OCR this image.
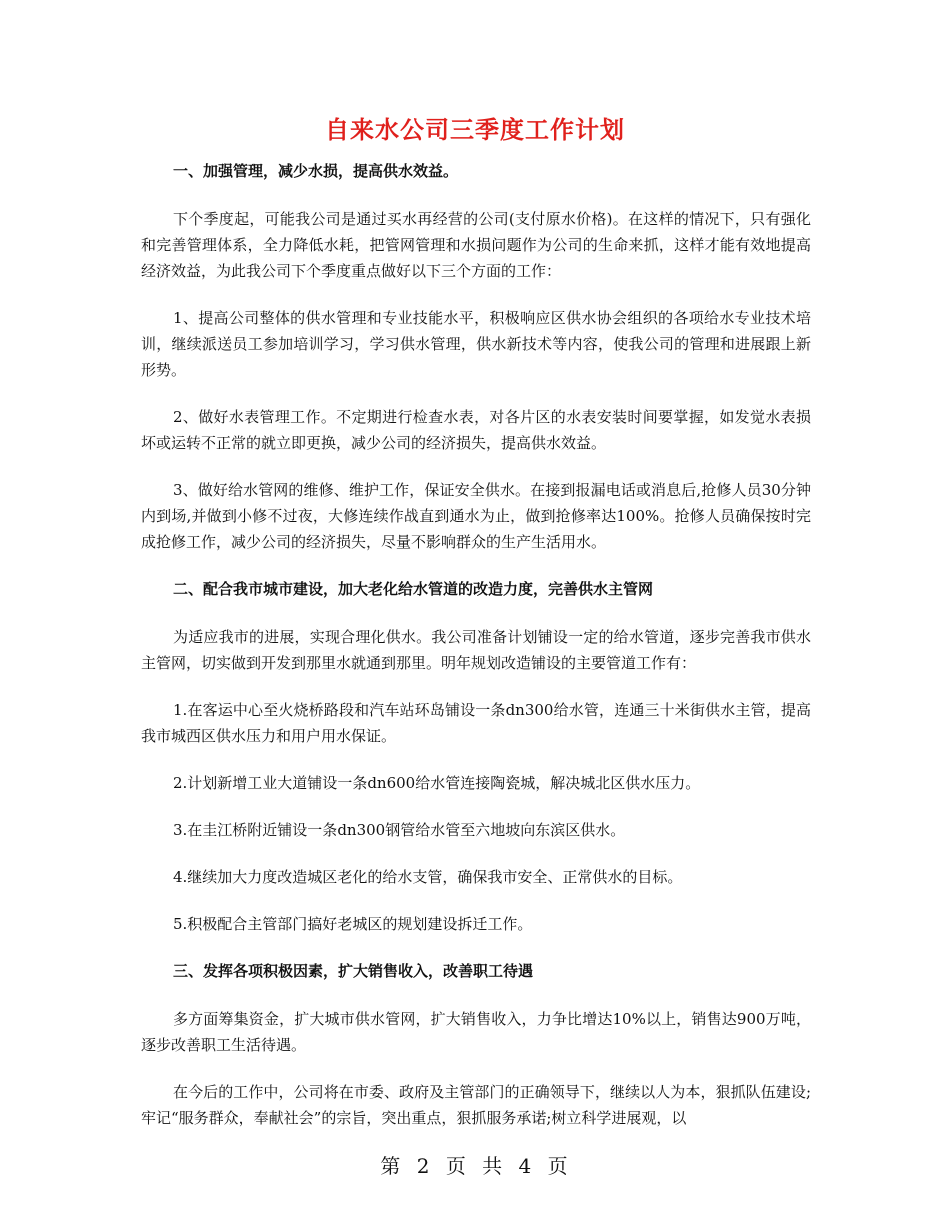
自来水公司三季度工作计划

一、加强管理，减少水损，提高供水效益。

下个季度起，可能我公司是通过买水再经营的公司(支付原水价格)。在这样的情况下，只有强化和完善管理体系，全力降低水耗，把管网管理和水损问题作为公司的生命来抓，这样才能有效地提高经济效益，为此我公司下个季度重点做好以下三个方面的工作：

1、提高公司整体的供水管理和专业技能水平，积极响应区供水协会组织的各项给水专业技术培训，继续派送员工参加培训学习，学习供水管理，供水新技术等内容，使我公司的管理和进展跟上新形势。

2、做好水表管理工作。不定期进行检查水表，对各片区的水表安装时间要掌握，如发觉水表损坏或运转不正常的就立即更换，减少公司的经济损失，提高供水效益。

3、做好给水管网的维修、维护工作，保证安全供水。在接到报漏电话或消息后,抢修人员30分钟内到场,并做到小修不过夜，大修连续作战直到通水为止，做到抢修率达100%。抢修人员确保按时完成抢修工作，减少公司的经济损失，尽量不影响群众的生产生活用水。

二、配合我市城市建设，加大老化给水管道的改造力度，完善供水主管网

为适应我市的进展，实现合理化供水。我公司准备计划铺设一定的给水管道，逐步完善我市供水主管网，切实做到开发到那里水就通到那里。明年规划改造铺设的主要管道工作有：

1.在客运中心至火烧桥路段和汽车站环岛铺设一条dn300给水管，连通三十米街供水主管，提高我市城西区供水压力和用户用水保证。

2.计划新增工业大道铺设一条dn600给水管连接陶瓷城，解决城北区供水压力。

3.在圭江桥附近铺设一条dn300钢管给水管至六地坡向东滨区供水。

4.继续加大力度改造城区老化的给水支管，确保我市安全、正常供水的目标。

5.积极配合主管部门搞好老城区的规划建设拆迁工作。

三、发挥各项积极因素，扩大销售收入，改善职工待遇

多方面筹集资金，扩大城市供水管网，扩大销售收入，力争比增达10%以上，销售达900万吨，逐步改善职工生活待遇。

在今后的工作中，公司将在市委、政府及主管部门的正确领导下，继续以人为本，狠抓队伍建设;牢记“服务群众，奉献社会”的宗旨，突出重点，狠抓服务承诺;树立科学进展观，以

第 2 页 共 4 页
